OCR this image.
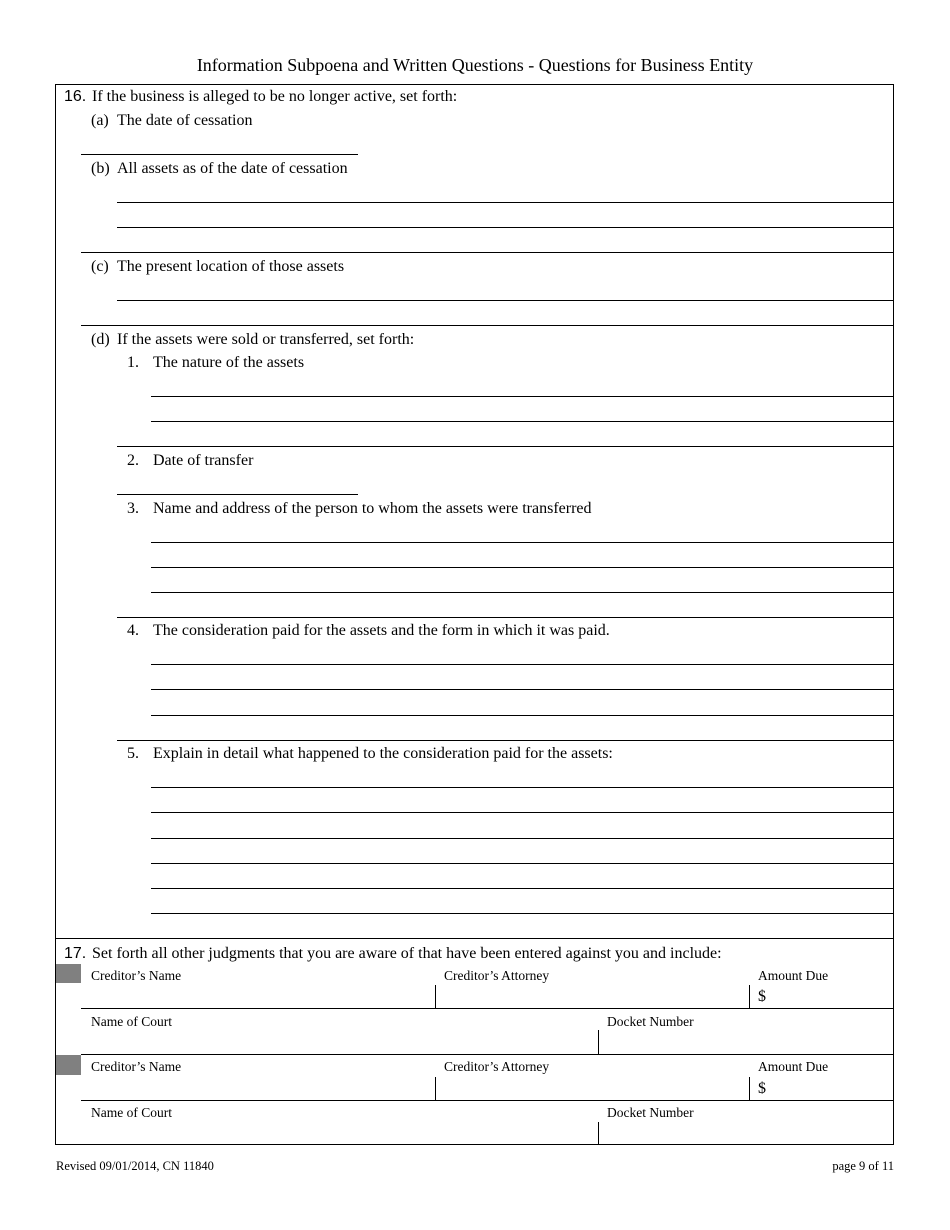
Information Subpoena and Written Questions - Questions for Business Entity
16. If the business is alleged to be no longer active, set forth:
(a) The date of cessation
(b) All assets as of the date of cessation
(c) The present location of those assets
(d) If the assets were sold or transferred, set forth:
1. The nature of the assets
2. Date of transfer
3. Name and address of the person to whom the assets were transferred
4. The consideration paid for the assets and the form in which it was paid.
5. Explain in detail what happened to the consideration paid for the assets:
17. Set forth all other judgments that you are aware of that have been entered against you and include:
Creditor’s Name	Creditor’s Attorney	Amount Due
$
Name of Court	Docket Number
Creditor’s Name	Creditor’s Attorney	Amount Due
$
Name of Court	Docket Number
Revised 09/01/2014, CN 11840	page 9 of 11
